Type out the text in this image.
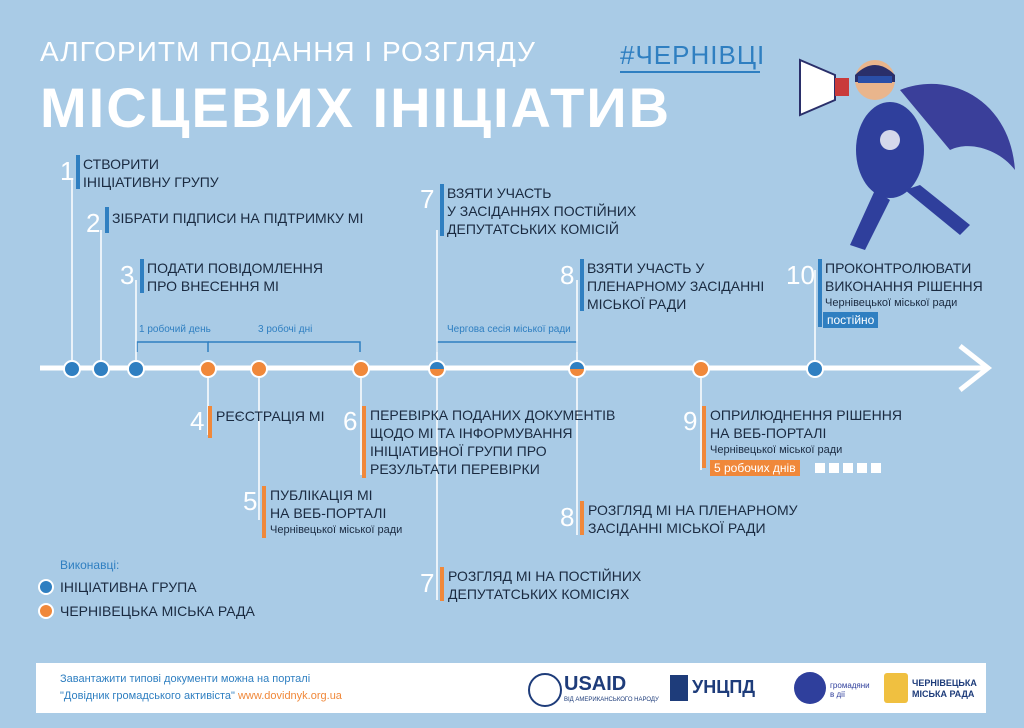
АЛГОРИТМ ПОДАННЯ І РОЗГЛЯДУ
МІСЦЕВИХ ІНІЦІАТИВ
#ЧЕРНІВЦІ
1 робочий день	3 робочі дні	Чергова сесія міської ради
1 СТВОРИТИ
ІНІЦІАТИВНУ ГРУПУ
2 ЗІБРАТИ ПІДПИСИ НА ПІДТРИМКУ МІ
3 ПОДАТИ ПОВІДОМЛЕННЯ
ПРО ВНЕСЕННЯ МІ
7 ВЗЯТИ УЧАСТЬ
У ЗАСІДАННЯХ ПОСТІЙНИХ
ДЕПУТАТСЬКИХ КОМІСІЙ
8 ВЗЯТИ УЧАСТЬ У
ПЛЕНАРНОМУ ЗАСІДАННІ
МІСЬКОЇ РАДИ
10 ПРОКОНТРОЛЮВАТИ
ВИКОНАННЯ РІШЕННЯ
Чернівецької міської ради
постійно
4 РЕЄСТРАЦІЯ МІ
5 ПУБЛІКАЦІЯ МІ
НА ВЕБ-ПОРТАЛІ
Чернівецької міської ради
6 ПЕРЕВІРКА ПОДАНИХ ДОКУМЕНТІВ
ЩОДО МІ ТА ІНФОРМУВАННЯ
ІНІЦІАТИВНОЇ ГРУПИ ПРО
РЕЗУЛЬТАТИ ПЕРЕВІРКИ
7 РОЗГЛЯД МІ НА ПОСТІЙНИХ
ДЕПУТАТСЬКИХ КОМІСІЯХ
8 РОЗГЛЯД МІ НА ПЛЕНАРНОМУ
ЗАСІДАННІ МІСЬКОЇ РАДИ
9 ОПРИЛЮДНЕННЯ РІШЕННЯ
НА ВЕБ-ПОРТАЛІ
Чернівецької міської ради
5 робочих днів
Виконавці:
ІНІЦІАТИВНА ГРУПА
ЧЕРНІВЕЦЬКА МІСЬКА РАДА
Завантажити типові документи можна на порталі
"Довідник громадського активіста" www.dovidnyk.org.ua
USAID
ВІД АМЕРИКАНСЬКОГО НАРОДУ
УНЦПД	громадяни в дії
ЧЕРНІВЕЦЬКА
МІСЬКА РАДА
